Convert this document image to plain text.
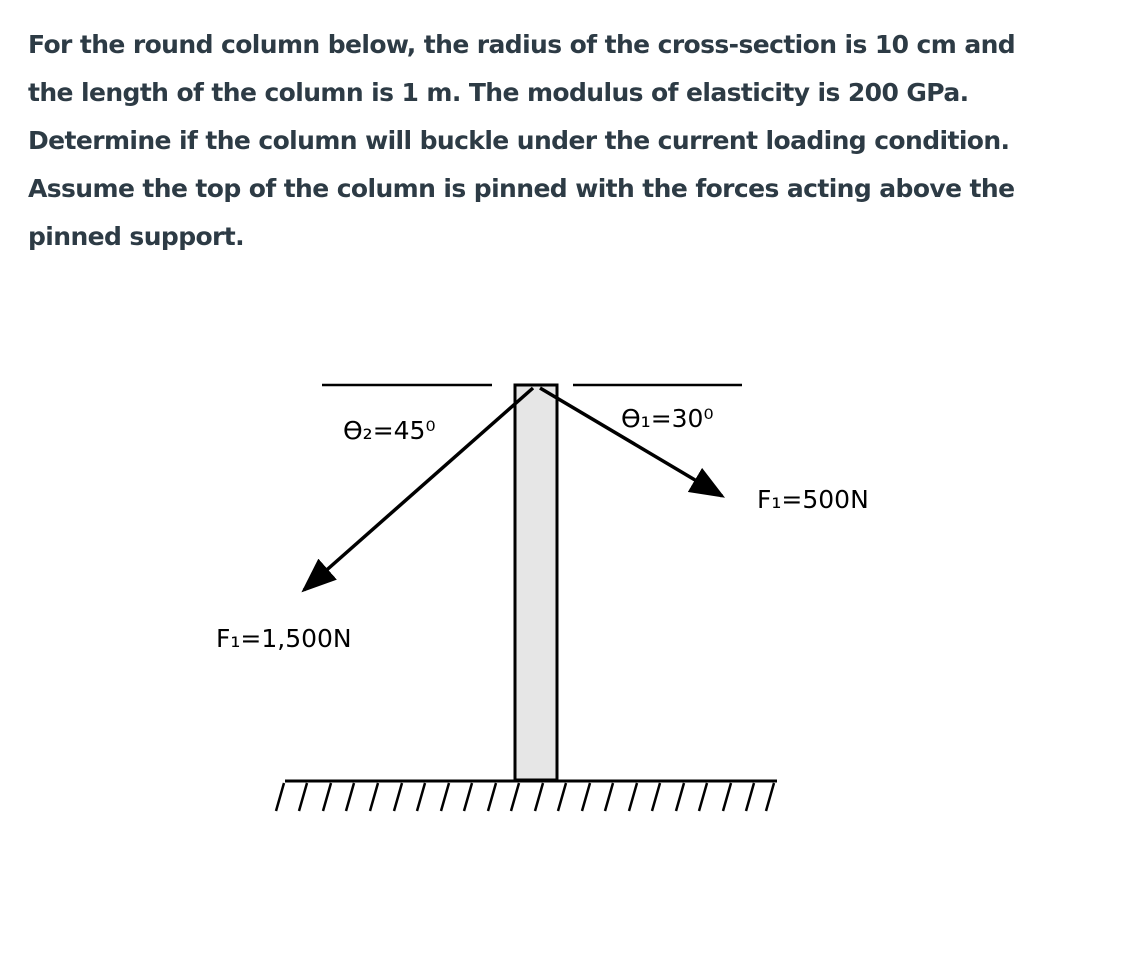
For the round column below, the radius of the cross-section is 10 cm and
the length of the column is 1 m. The modulus of elasticity is 200 GPa.
Determine if the column will buckle under the current loading condition.
Assume the top of the column is pinned with the forces acting above the
pinned support.
ϴ₂=45⁰	ϴ₁=30⁰
F₁=500N
F₁=1,500N
